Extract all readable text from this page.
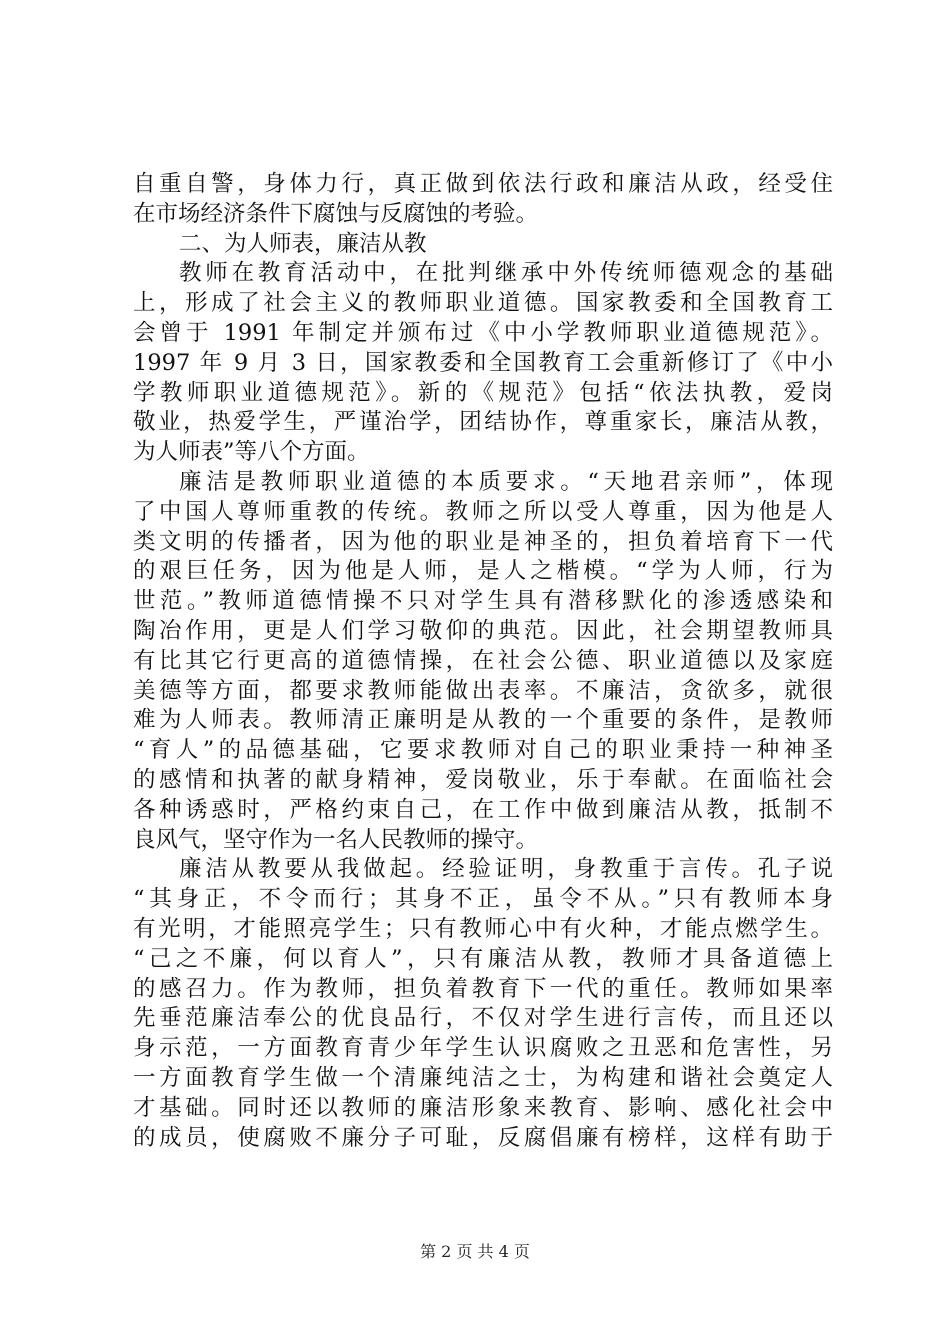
自重自警，身体力行，真正做到依法行政和廉洁从政，经受住
在市场经济条件下腐蚀与反腐蚀的考验。
二、为人师表，廉洁从教
教师在教育活动中，在批判继承中外传统师德观念的基础
上，形成了社会主义的教师职业道德。国家教委和全国教育工
会曾于 1991 年制定并颁布过《中小学教师职业道德规范》。
1997 年 9 月 3 日，国家教委和全国教育工会重新修订了《中小
学教师职业道德规范》。新的《规范》包括“依法执教，爱岗
敬业，热爱学生，严谨治学，团结协作，尊重家长，廉洁从教，
为人师表”等八个方面。
廉洁是教师职业道德的本质要求。“天地君亲师”，体现
了中国人尊师重教的传统。教师之所以受人尊重，因为他是人
类文明的传播者，因为他的职业是神圣的，担负着培育下一代
的艰巨任务，因为他是人师，是人之楷模。“学为人师，行为
世范。”教师道德情操不只对学生具有潜移默化的渗透感染和
陶冶作用，更是人们学习敬仰的典范。因此，社会期望教师具
有比其它行更高的道德情操，在社会公德、职业道德以及家庭
美德等方面，都要求教师能做出表率。不廉洁，贪欲多，就很
难为人师表。教师清正廉明是从教的一个重要的条件，是教师
“育人”的品德基础，它要求教师对自己的职业秉持一种神圣
的感情和执著的献身精神，爱岗敬业，乐于奉献。在面临社会
各种诱惑时，严格约束自己，在工作中做到廉洁从教，抵制不
良风气，坚守作为一名人民教师的操守。
廉洁从教要从我做起。经验证明，身教重于言传。孔子说
“其身正，不令而行；其身不正，虽令不从。”只有教师本身
有光明，才能照亮学生；只有教师心中有火种，才能点燃学生。
“己之不廉，何以育人”，只有廉洁从教，教师才具备道德上
的感召力。作为教师，担负着教育下一代的重任。教师如果率
先垂范廉洁奉公的优良品行，不仅对学生进行言传，而且还以
身示范，一方面教育青少年学生认识腐败之丑恶和危害性，另
一方面教育学生做一个清廉纯洁之士，为构建和谐社会奠定人
才基础。同时还以教师的廉洁形象来教育、影响、感化社会中
的成员，使腐败不廉分子可耻，反腐倡廉有榜样，这样有助于
第 2 页 共 4 页
